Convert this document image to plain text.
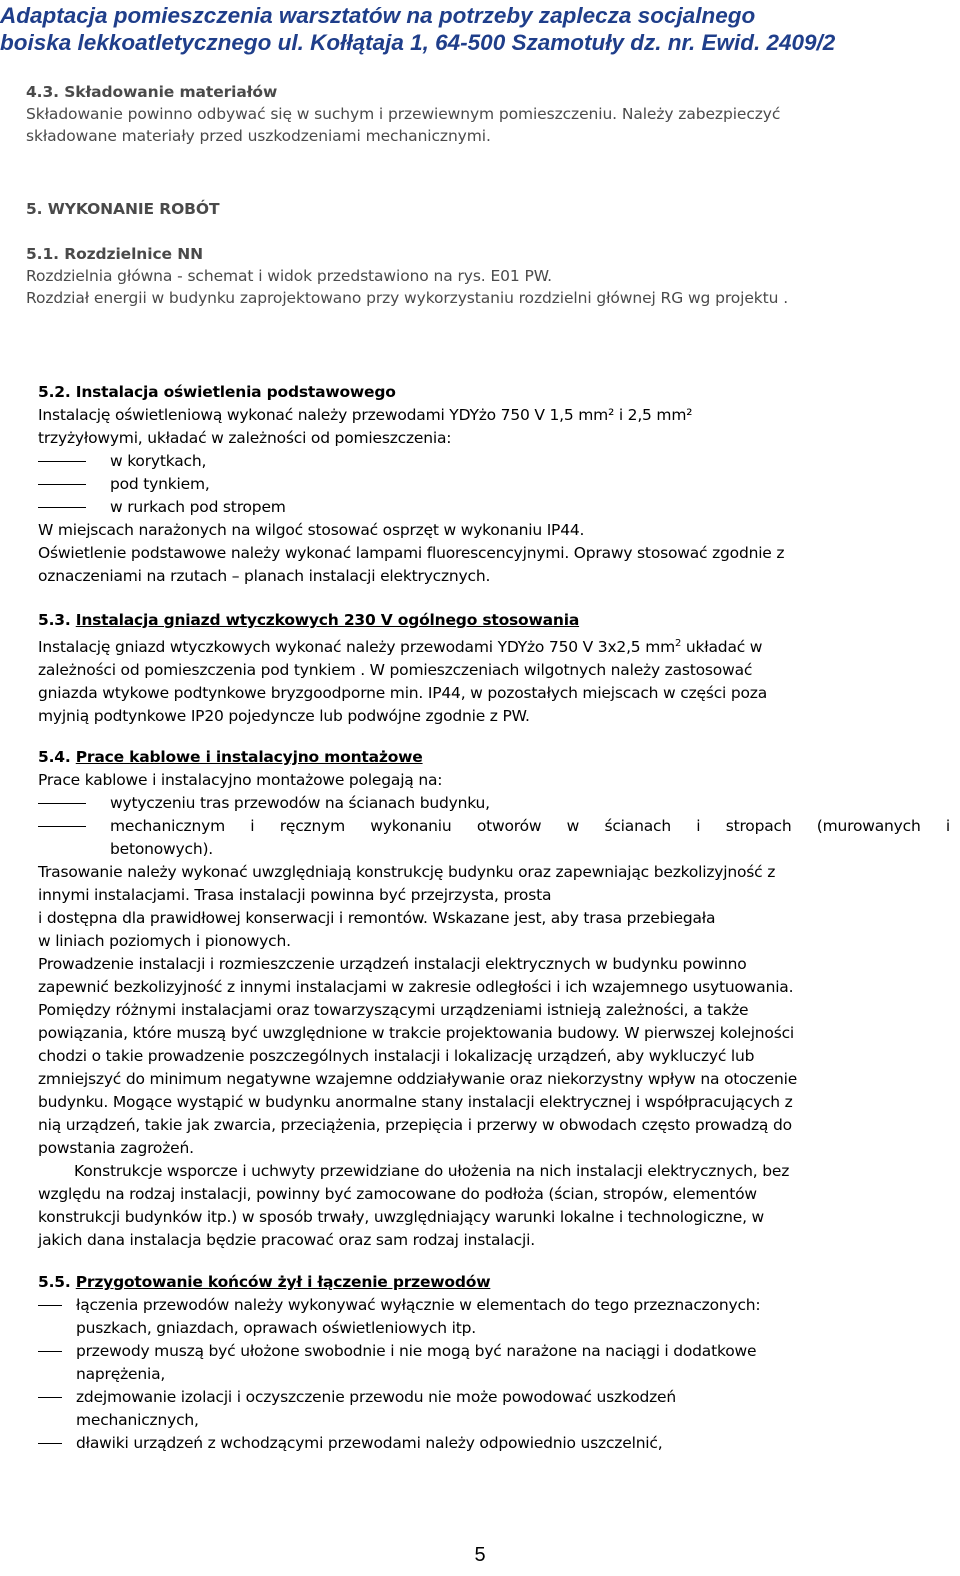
Adaptacja pomieszczenia warsztatów na potrzeby zaplecza socjalnego
boiska lekkoatletycznego ul. Kołłątaja 1, 64-500 Szamotuły dz. nr. Ewid. 2409/2
4.3. Składowanie materiałów
Składowanie powinno odbywać się w suchym i przewiewnym pomieszczeniu. Należy zabezpieczyć
składowane materiały przed uszkodzeniami mechanicznymi.
5. WYKONANIE ROBÓT
5.1. Rozdzielnice NN
Rozdzielnia główna - schemat i widok przedstawiono na rys. E01 PW.
Rozdział energii w budynku zaprojektowano przy wykorzystaniu rozdzielni głównej RG wg projektu .
5.2. Instalacja oświetlenia podstawowego
Instalację oświetleniową wykonać należy przewodami YDYżo 750 V 1,5 mm² i 2,5 mm²
trzyżyłowymi, układać w zależności od pomieszczenia:
w korytkach,
pod tynkiem,
w rurkach pod stropem
W miejscach narażonych na wilgoć stosować osprzęt w wykonaniu IP44.
Oświetlenie podstawowe należy wykonać lampami fluorescencyjnymi. Oprawy stosować zgodnie z
oznaczeniami na rzutach – planach instalacji elektrycznych.
5.3. Instalacja gniazd wtyczkowych 230 V ogólnego stosowania
Instalację gniazd wtyczkowych wykonać należy przewodami YDYżo 750 V 3x2,5 $mm^2$ układać w
zależności od pomieszczenia pod tynkiem . W pomieszczeniach wilgotnych należy zastosować
gniazda wtykowe podtynkowe bryzgoodporne min. IP44, w pozostałych miejscach w części poza
myjnią podtynkowe IP20 pojedyncze lub podwójne zgodnie z PW.
5.4. Prace kablowe i instalacyjno montażowe
Prace kablowe i instalacyjno montażowe polegają na:
wytyczeniu tras przewodów na ścianach budynku,
mechanicznym i ręcznym wykonaniu otworów w ścianach i stropach (murowanych i
betonowych).
Trasowanie należy wykonać uwzględniają konstrukcję budynku oraz zapewniając bezkolizyjność z
innymi instalacjami. Trasa instalacji powinna być przejrzysta, prosta
i dostępna dla prawidłowej konserwacji i remontów. Wskazane jest, aby trasa przebiegała
w liniach poziomych i pionowych.
Prowadzenie instalacji i rozmieszczenie urządzeń instalacji elektrycznych w budynku powinno
zapewnić bezkolizyjność z innymi instalacjami w zakresie odległości i ich wzajemnego usytuowania.
Pomiędzy różnymi instalacjami oraz towarzyszącymi urządzeniami istnieją zależności, a także
powiązania, które muszą być uwzględnione w trakcie projektowania budowy. W pierwszej kolejności
chodzi o takie prowadzenie poszczególnych instalacji i lokalizację urządzeń, aby wykluczyć lub
zmniejszyć do minimum negatywne wzajemne oddziaływanie oraz niekorzystny wpływ na otoczenie
budynku. Mogące wystąpić w budynku anormalne stany instalacji elektrycznej i współpracujących z
nią urządzeń, takie jak zwarcia, przeciążenia, przepięcia i przerwy w obwodach często prowadzą do
powstania zagrożeń.
Konstrukcje wsporcze i uchwyty przewidziane do ułożenia na nich instalacji elektrycznych, bez
względu na rodzaj instalacji, powinny być zamocowane do podłoża (ścian, stropów, elementów
konstrukcji budynków itp.) w sposób trwały, uwzględniający warunki lokalne i technologiczne, w
jakich dana instalacja będzie pracować oraz sam rodzaj instalacji.
5.5. Przygotowanie końców żył i łączenie przewodów
łączenia przewodów należy wykonywać wyłącznie w elementach do tego przeznaczonych:
puszkach, gniazdach, oprawach oświetleniowych itp.
przewody muszą być ułożone swobodnie i nie mogą być narażone na naciągi i dodatkowe
naprężenia,
zdejmowanie izolacji i oczyszczenie przewodu nie może powodować uszkodzeń
mechanicznych,
dławiki urządzeń z wchodzącymi przewodami należy odpowiednio uszczelnić,
5
